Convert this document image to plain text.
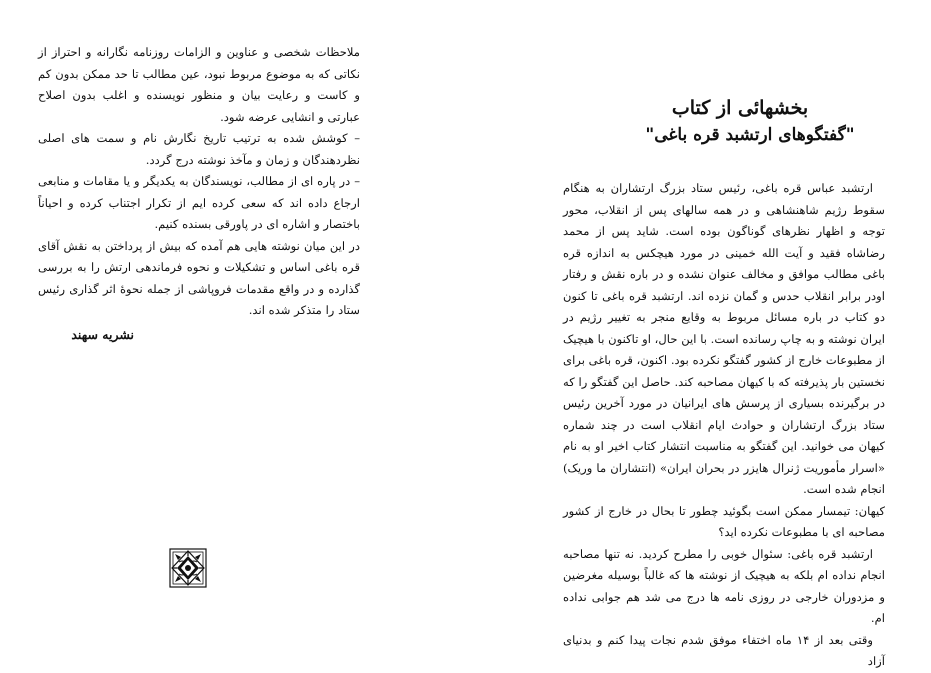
ملاحظات شخصی و عناوین و الزامات روزنامه نگارانه و احتراز از نکاتی که به موضوع مربوط نبود، عین مطالب تا حد ممکن بدون کم و کاست و رعایت بیان و منظور نویسنده و اغلب بدون اصلاح عبارتی و انشایی عرضه شود.

– کوشش شده به ترتیب تاریخ نگارش نام و سمت های اصلی نظردهندگان و زمان و مآخذ نوشته درج گردد.

– در پاره ای از مطالب، نویسندگان به یکدیگر و یا مقامات و منابعی ارجاع داده اند که سعی کرده ایم از تکرار اجتناب کرده و احیاناً باختصار و اشاره ای در پاورقی بسنده کنیم.

در این میان نوشته هایی هم آمده که بیش از پرداختن به نقش آقای قره باغی اساس و تشکیلات و نحوه فرماندهی ارتش را به بررسی گذارده و در واقع مقدمات فروپاشی از جمله نحوهٔ اثر گذاری رئیس ستاد را متذکر شده اند.

نشریه سهند

بخشهائی از کتاب

"گفتگوهای ارتشبد قره باغی"

ارتشبد عباس قره باغی، رئیس ستاد بزرگ ارتشاران به هنگام سقوط رژیم شاهنشاهی و در همه سالهای پس از انقلاب، محور توجه و اظهار نظرهای گوناگون بوده است. شاید پس از محمد رضاشاه فقید و آیت الله خمینی در مورد هیچکس به اندازه قره باغی مطالب موافق و مخالف عنوان نشده و در باره نقش و رفتار اودر برابر انقلاب حدس و گمان نزده اند. ارتشبد قره باغی تا کنون دو کتاب در باره مسائل مربوط به وقایع منجر به تغییر رژیم در ایران نوشته و به چاپ رسانده است. با این حال، او تاکنون با هیچیک از مطبوعات خارج از کشور گفتگو نکرده بود. اکنون، قره باغی برای نخستین بار پذیرفته که با کیهان مصاحبه کند. حاصل این گفتگو را که در برگیرنده بسیاری از پرسش های ایرانیان در مورد آخرین رئیس ستاد بزرگ ارتشاران و حوادث ایام انقلاب است در چند شماره کیهان می خوانید. این گفتگو به مناسبت انتشار کتاب اخیر او به نام «اسرار مأموریت ژنرال هایزر در بحران ایران» (انتشاران ما وریک) انجام شده است.

کیهان: تیمسار ممکن است بگوئید چطور تا بحال در خارج از کشور مصاحبه ای با مطبوعات نکرده اید؟

ارتشبد قره باغی: سئوال خوبی را مطرح کردید. نه تنها مصاحبه انجام نداده ام بلکه به هیچیک از نوشته ها که غالباً بوسیله مغرضین و مزدوران خارجی در روزی نامه ها درج می شد هم جوابی نداده ام.

وقتی بعد از ۱۴ ماه اختفاء موفق شدم نجات پیدا کنم و بدنیای آزاد
